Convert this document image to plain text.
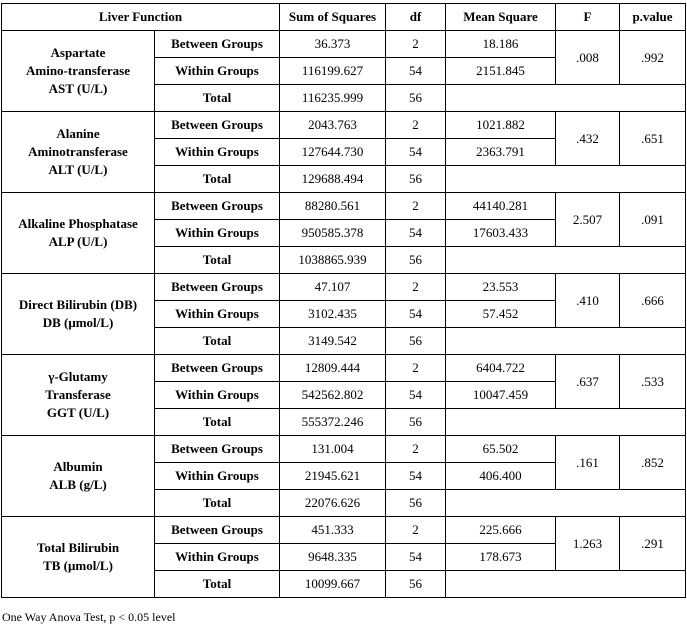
Liver Function		Sum of Squares	df	Mean Square	F	p.value

Aspartate
Amino-transferase
AST (U/L)	Between Groups	36.373	2	18.186	.008	.992
	Within Groups	116199.627	54	2151.845		
	Total	116235.999	56			

Alanine
Aminotransferase
ALT (U/L)	Between Groups	2043.763	2	1021.882	.432	.651
	Within Groups	127644.730	54	2363.791		
	Total	129688.494	56			

Alkaline Phosphatase
ALP (U/L)	Between Groups	88280.561	2	44140.281	2.507	.091
	Within Groups	950585.378	54	17603.433		
	Total	1038865.939	56			

Direct Bilirubin (DB)
DB (μmol/L)	Between Groups	47.107	2	23.553	.410	.666
	Within Groups	3102.435	54	57.452		
	Total	3149.542	56			

γ-Glutamy
Transferase
GGT (U/L)	Between Groups	12809.444	2	6404.722	.637	.533
	Within Groups	542562.802	54	10047.459		
	Total	555372.246	56			

Albumin
ALB (g/L)	Between Groups	131.004	2	65.502	.161	.852
	Within Groups	21945.621	54	406.400		
	Total	22076.626	56			

Total Bilirubin
TB (μmol/L)	Between Groups	451.333	2	225.666	1.263	.291
	Within Groups	9648.335	54	178.673		
	Total	10099.667	56			
One Way Anova Test, p < 0.05 level
